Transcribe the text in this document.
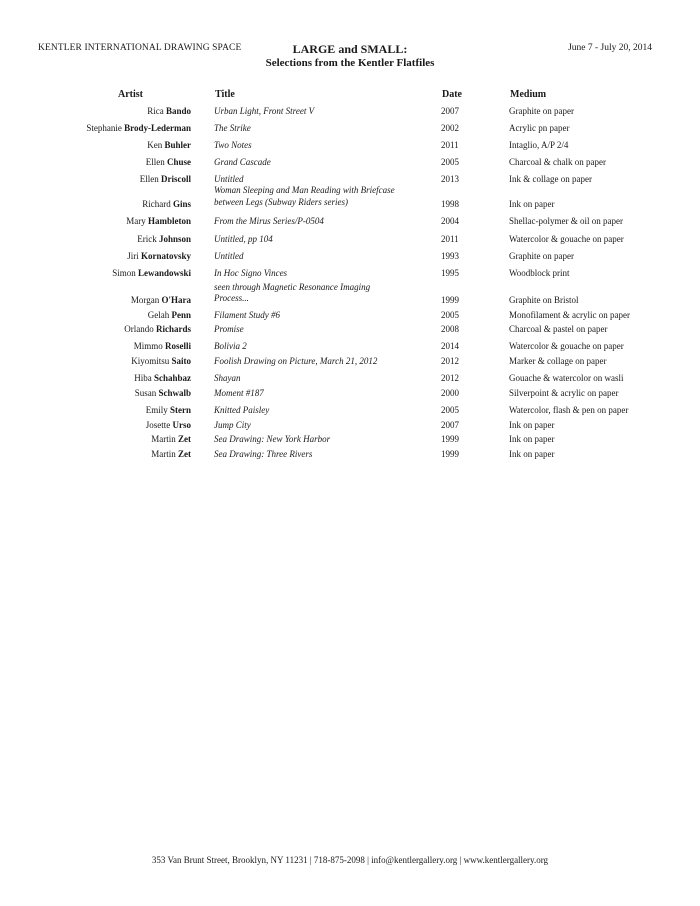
KENTLER INTERNATIONAL DRAWING SPACE	LARGE and SMALL:
Selections from the Kentler Flatfiles
June 7 - July 20, 2014
Artist	Title	Date	Medium
Rica Bando	Urban Light, Front Street V	2007	Graphite on paper
Stephanie Brody-Lederman	The Strike	2002	Acrylic pn paper
Ken Buhler	Two Notes	2011	Intaglio, A/P 2/4
Ellen Chuse	Grand Cascade	2005	Charcoal & chalk on paper
Ellen Driscoll	Untitled	2013	Ink & collage on paper
Woman Sleeping and Man Reading with Briefcase
Richard Gins	between Legs (Subway Riders series)	1998	Ink on paper
Mary Hambleton	From the Mirus Series/P-0504	2004	Shellac-polymer & oil on paper
Erick Johnson	Untitled, pp 104	2011	Watercolor & gouache on paper
Jiri Kornatovsky	Untitled	1993	Graphite on paper
Simon Lewandowski	In Hoc Signo Vinces	1995	Woodblock print
seen through Magnetic Resonance Imaging
Morgan O'Hara	Process...	1999	Graphite on Bristol
Gelah Penn	Filament Study #6	2005	Monofilament & acrylic on paper
Orlando Richards	Promise	2008	Charcoal & pastel on paper
Mimmo Roselli	Bolivia 2	2014	Watercolor & gouache on paper
Kiyomitsu Saito	Foolish Drawing on Picture, March 21, 2012	2012	Marker & collage on paper
Hiba Schahbaz	Shayan	2012	Gouache & watercolor on wasli
Susan Schwalb	Moment #187	2000	Silverpoint & acrylic on paper
Emily Stern	Knitted Paisley	2005	Watercolor, flash & pen on paper
Josette Urso	Jump City	2007	Ink on paper
Martin Zet	Sea Drawing: New York Harbor	1999	Ink on paper
Martin Zet	Sea Drawing: Three Rivers	1999	Ink on paper
353 Van Brunt Street, Brooklyn, NY 11231 | 718-875-2098 | info@kentlergallery.org | www.kentlergallery.org
